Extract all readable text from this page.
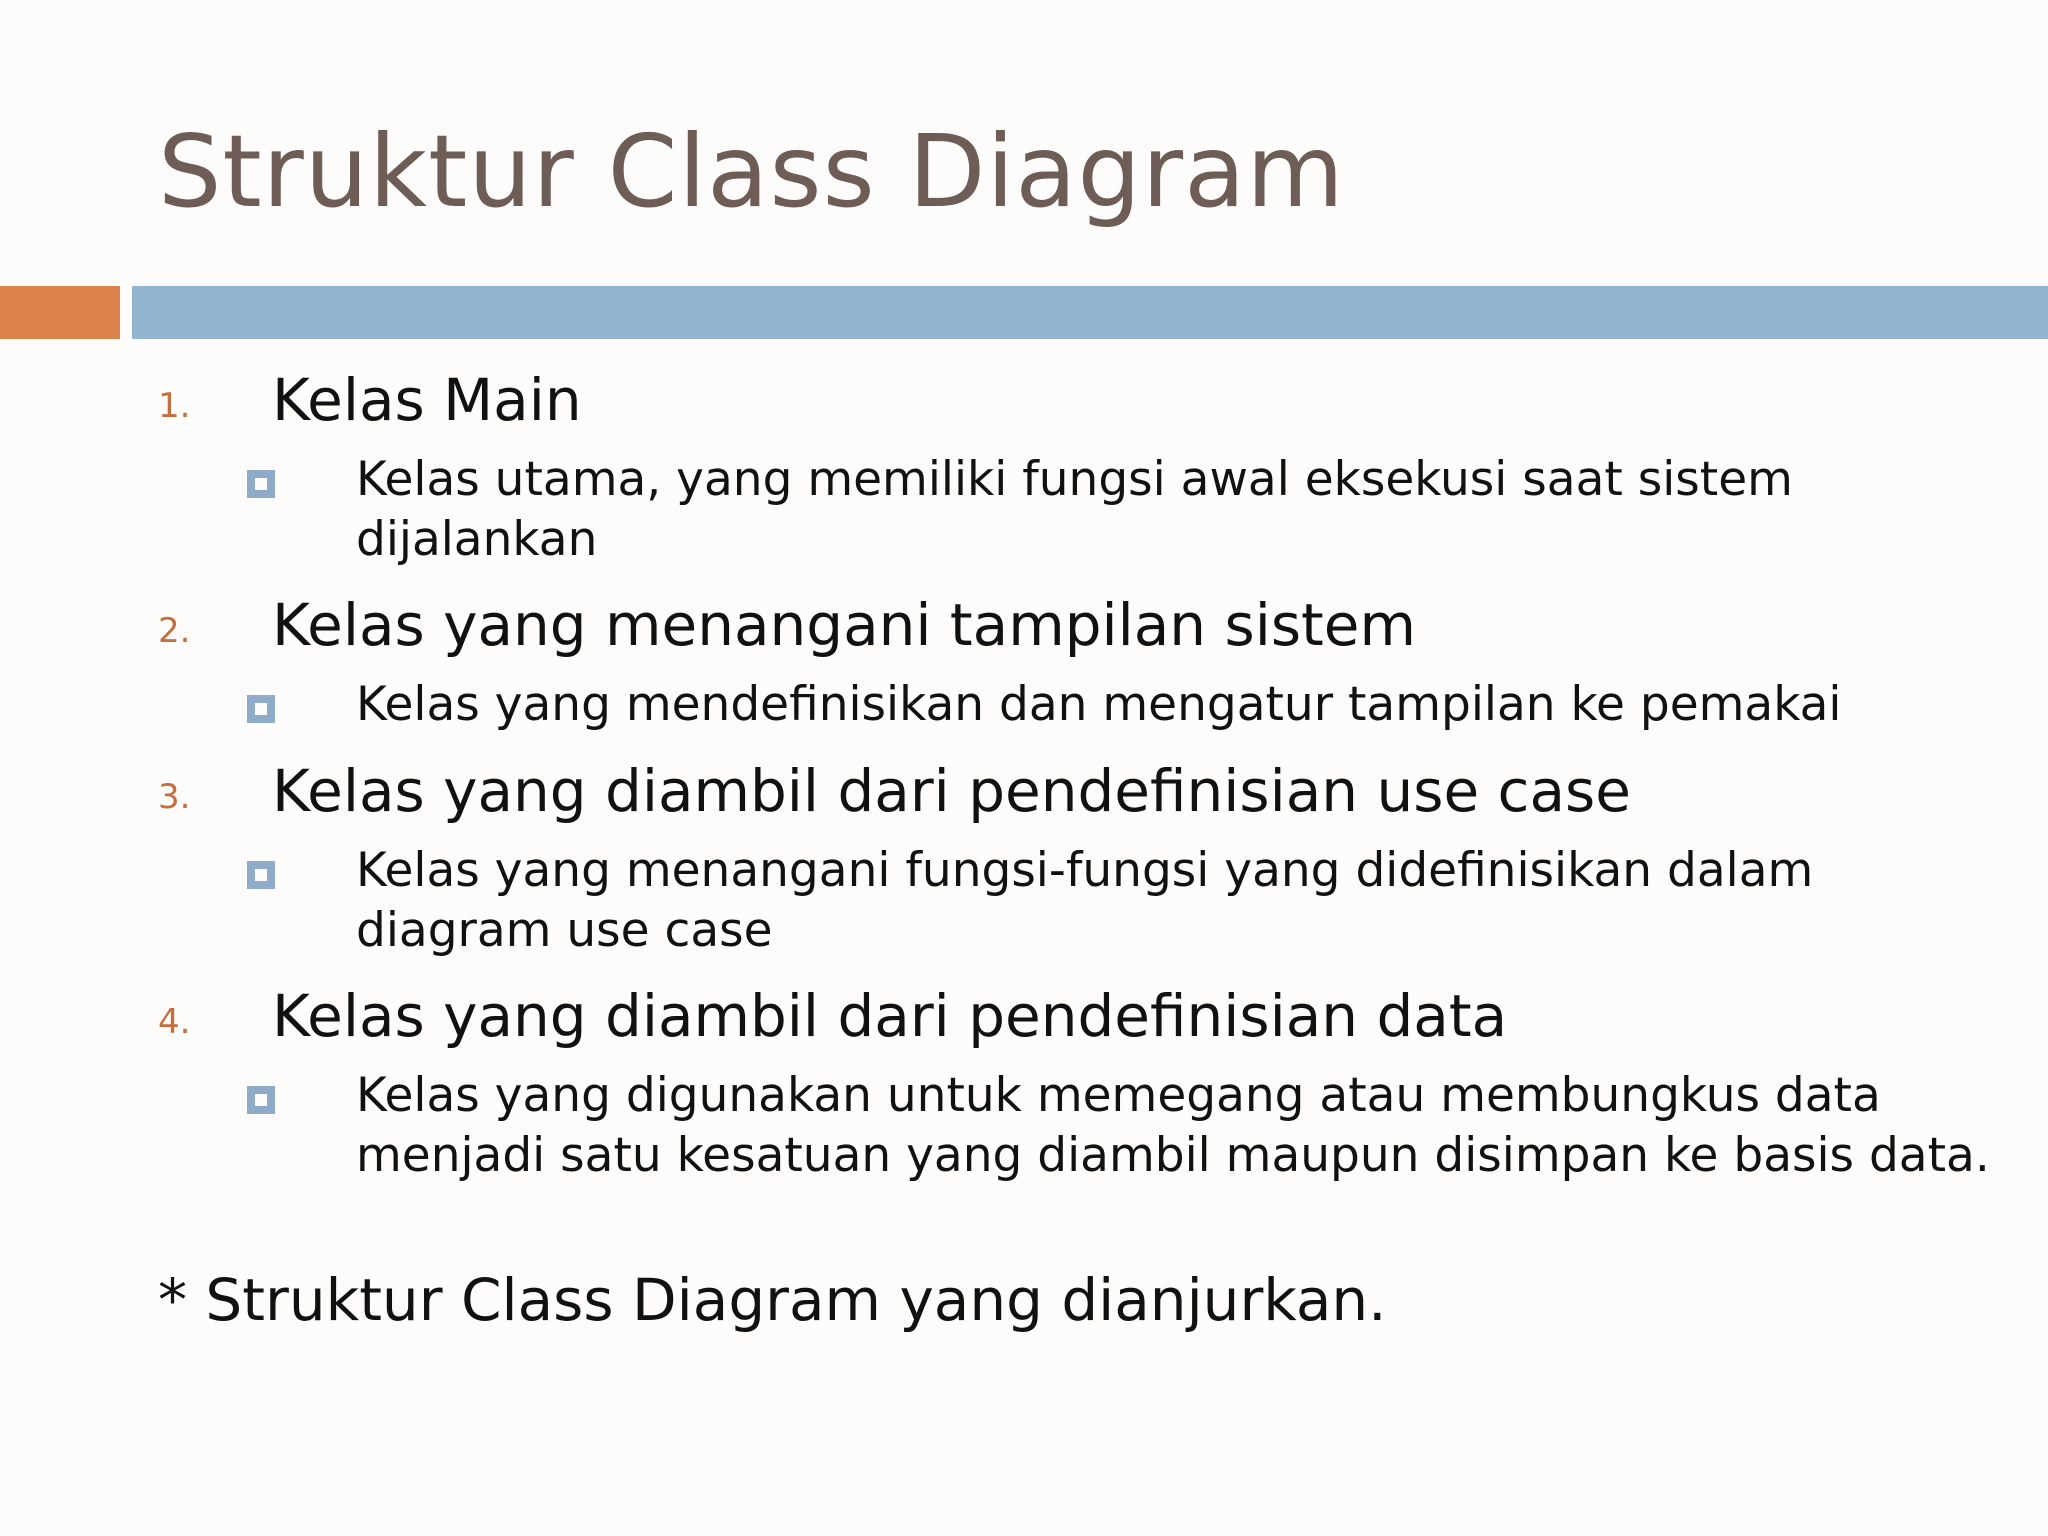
Struktur Class Diagram
1. Kelas Main
Kelas utama, yang memiliki fungsi awal eksekusi saat sistem dijalankan
2. Kelas yang menangani tampilan sistem
Kelas yang mendefinisikan dan mengatur tampilan ke pemakai
3. Kelas yang diambil dari pendefinisian use case
Kelas yang menangani fungsi-fungsi yang didefinisikan dalam diagram use case
4. Kelas yang diambil dari pendefinisian data
Kelas yang digunakan untuk memegang atau membungkus data menjadi satu kesatuan yang diambil maupun disimpan ke basis data.
* Struktur Class Diagram yang dianjurkan.
